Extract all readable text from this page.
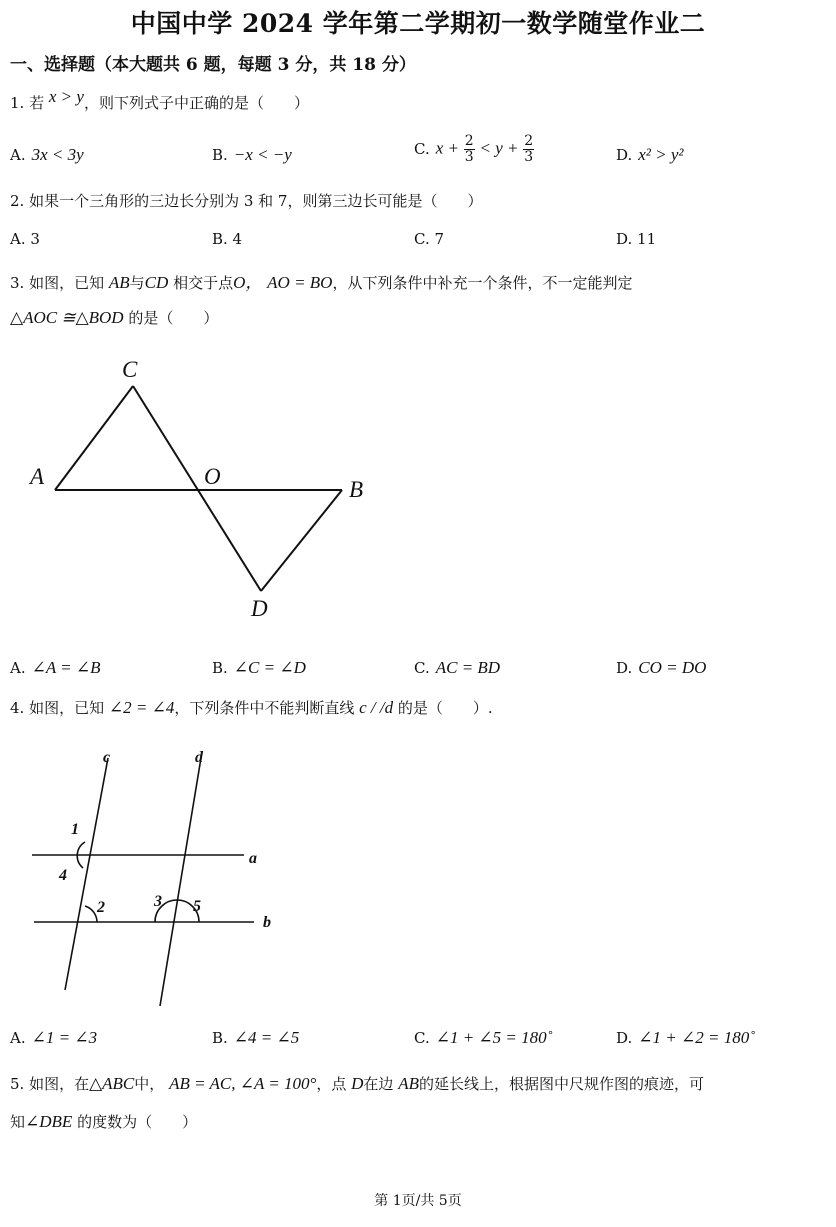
中国中学 2024 学年第二学期初一数学随堂作业二
一、选择题（本大题共 6 题，每题 3 分，共 18 分）
1. 若 x > y，则下列式子中正确的是（　　）
A. 3x < 3y	B. −x < −y	C. $x + \frac{2}{3} < y + \frac{2}{3}$	D. x² > y²
2. 如果一个三角形的三边长分别为 3 和 7，则第三边长可能是（　　）
A. 3	B. 4	C. 7	D. 11
3. 如图，已知 AB与CD 相交于点O， AO = BO，从下列条件中补充一个条件，不一定能判定
△AOC ≅△BOD 的是（　　）
C
A	O
B
D
A. ∠A = ∠B	B. ∠C = ∠D	C. AC = BD	D. CO = DO
4. 如图，已知 ∠2 = ∠4，下列条件中不能判断直线 c / /d 的是（　　）.
c	d
a
b
1
4
2	3 5
A. ∠1 = ∠3	B. ∠4 = ∠5	C. ∠1 + ∠5 = 180˚	D. ∠1 + ∠2 = 180˚
5. 如图，在△ABC中， AB = AC, ∠A = 100°，点 D在边 AB的延长线上，根据图中尺规作图的痕迹，可
知∠DBE 的度数为（　　）
第 1页/共 5页
